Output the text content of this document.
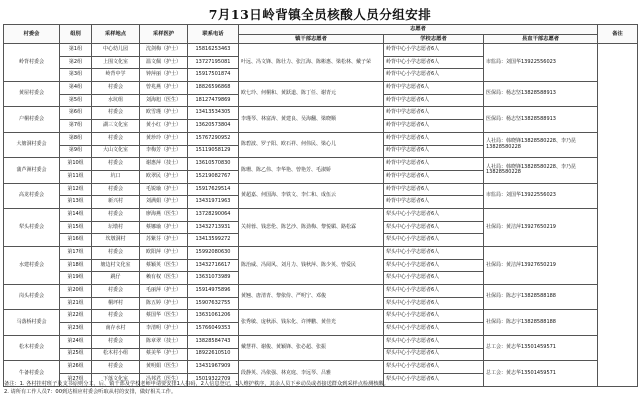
7月13日岭背镇全员核酸人员分组安排
村委会	组别	采样地点	采样医护	联系电话	志愿者			备注
					镇干部志愿者	学校志愿者	县直干部志愿者	
岭背村委会	第1组	中心幼儿园	沈剑梅（护士）	15816253463	叶远、冯文锋、陈壮力、张江海、陈彬惠、梁松林、戴子荣	岭背中心小学志愿者6人	市监局：刘国华13922556023	
	第2组	上围文化室	温文佩（护士）	13727195081		岭背中心小学志愿者6人		
	第3组	岭背中学	钟萍丽（护士）	15917501874		岭背中心小学志愿者6人		
黄屋村委会	第4组	村委会	曾兆燕（护士）	18826596868	欧七玲、何桐和、黄跃道、陈丁任、谢青元	岭背中学志愿者6人	医保局：杨志坚13828588913	
	第5组	水坑组	刘海旭（医生）	18127479869		岭背中学志愿者6人		
户桐村委会	第6组	村委会	欧雪瑾（护士）	13413534305	李瑾琴、林富涛、黄建良、吴海翻、梁晓顺	岭背中学志愿者6人	医保局：杨志坚13828588913	
	第7组	湖三文化室	黄小红（护士）	13620573804		岭背中学志愿者6人		
大塘洞村委会	第8组	村委会	黄珍玲（护士）	15767290952	陈碧波、罗子阳、欧石祥、何伟民、梁心儿	岭背中学志愿者6人	人社局：韩晓锋13828580228、李乃昆13828580228	
	第9组	大山文化室	李梅芳（护士）	15119058129		岭背中学志愿者6人		
蒲芦洲村委会	第10组	村委会	谢惠萍（技士）	13610570830	陈珊、陈乙伟、李华艳、曾艳芳、毛淑娇	岭背中学志愿者6人	人社局：韩晓锋13828580228、李乃昆13828580228	
	第11组	坑口	欧翠民（护士）	15219082767		岭背中学志愿者6人		
高龙村委会	第12组	村委会	毛锐瑜（护士）	15917629514	黄超嘉、何国海、李铁文、李仁和、成伍云	岭背中学志愿者6人	市监局：刘国华13922556023	
	第13组	新兴村	刘满娟（护士）	13431971963		岭背中学志愿者6人		
犁头村委会	第14组	村委会	廖海燕（医生）	13728290064	关荷蓉、钱悲伦、陈艺沙、陈劲梅、黎悦媚、路松霖	犁头中心小学志愿者6人	社保局：黄洁萍13927650219	
	第15组	坛墩村	蔡娜瑜（护士）	13432713931		犁头中心小学志愿者6人		
	第16组	坎墩洞村	苏紫芬（护士）	13413599272		犁头中心小学志愿者6人		
水建村委会	第17组	村委会	欧阳萍（护士）	15992080630	陈治威、冯阅风、刘月力、钱秋萍、陈少英、曾爱民	犁头中心小学志愿者6人	社保局：黄洁萍13927650219	
	第18组	塘边村文化室	蔡颖英（医生）	13432716617		犁头中心小学志愿者6人		
	第19组	跳仔	赖有权（医生）	13631073989		犁头中心小学志愿者6人		
岗头村委会	第20组	村委会	毛丽萍（护士）	15914975896	黄翘、唐清青、黎依侍、严明宁、邓俊	犁头中心小学志愿者6人	社保局：陈志宇13828588188	
	第21组	桐坪村	陈五婷（护士）	15907632755		犁头中心小学志愿者6人		
马落桥村委会	第22组	村委会	蔡国华（医生）	13631061206	张秀敏、庞秋添、钱东化、许博鹏、黄佳光	犁头中心小学志愿者6人	社保局：陈志宇13828588188	
	第23组	南存水村	李清明（护士）	15766049353		犁头中心小学志愿者6人		
松木村委会	第24组	村委会	陈章翠（技士）	13828584743	戴慧祥、谢俊、黄颖锋、张必超、张振	犁头中心小学志愿者6人	总工会：黄志华13501459571	
	第25组	松木村小组	蔡美华（护士）	18922610510		犁头中心小学志愿者6人		
牛备村委会	第26组	村委会	黄明娟（医生）	13431967909	段静英、冯依强、林克庭、李远琴、吕雅	犁头中心小学志愿者6人	总工会：黄志华13501459571	
	第27组	下落文化室	冯邦君（医生）	15019322709		犁头中心小学志愿者6人		
备注：1. 各村挂村班子及支书原则分工，后、镇干部及学校老师申请要安排1人扫码，2人信息登记，1人维护秩序，其余人员下乡动员或者接送群众到采样点检测核酸。
2. 请所有工作人员7：00到达相应村委会听取从村的安排，做好相关工作。
